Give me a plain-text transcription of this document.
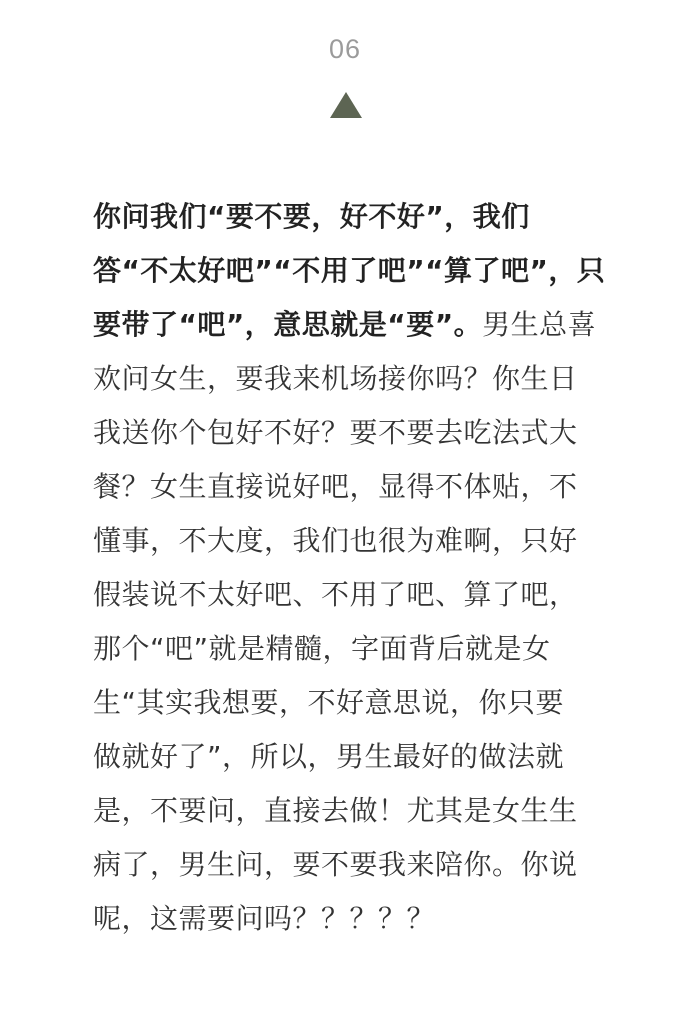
06
你问我们“要不要，好不好”，我们
答“不太好吧”“不用了吧”“算了吧”，只
要带了“吧”，意思就是“要”。男生总喜
欢问女生，要我来机场接你吗？你生日
我送你个包好不好？要不要去吃法式大
餐？女生直接说好吧，显得不体贴，不
懂事，不大度，我们也很为难啊，只好
假装说不太好吧、不用了吧、算了吧，
那个“吧”就是精髓，字面背后就是女
生“其实我想要，不好意思说，你只要
做就好了”，所以，男生最好的做法就
是，不要问，直接去做！尤其是女生生
病了，男生问，要不要我来陪你。你说
呢，这需要问吗？？？？？
